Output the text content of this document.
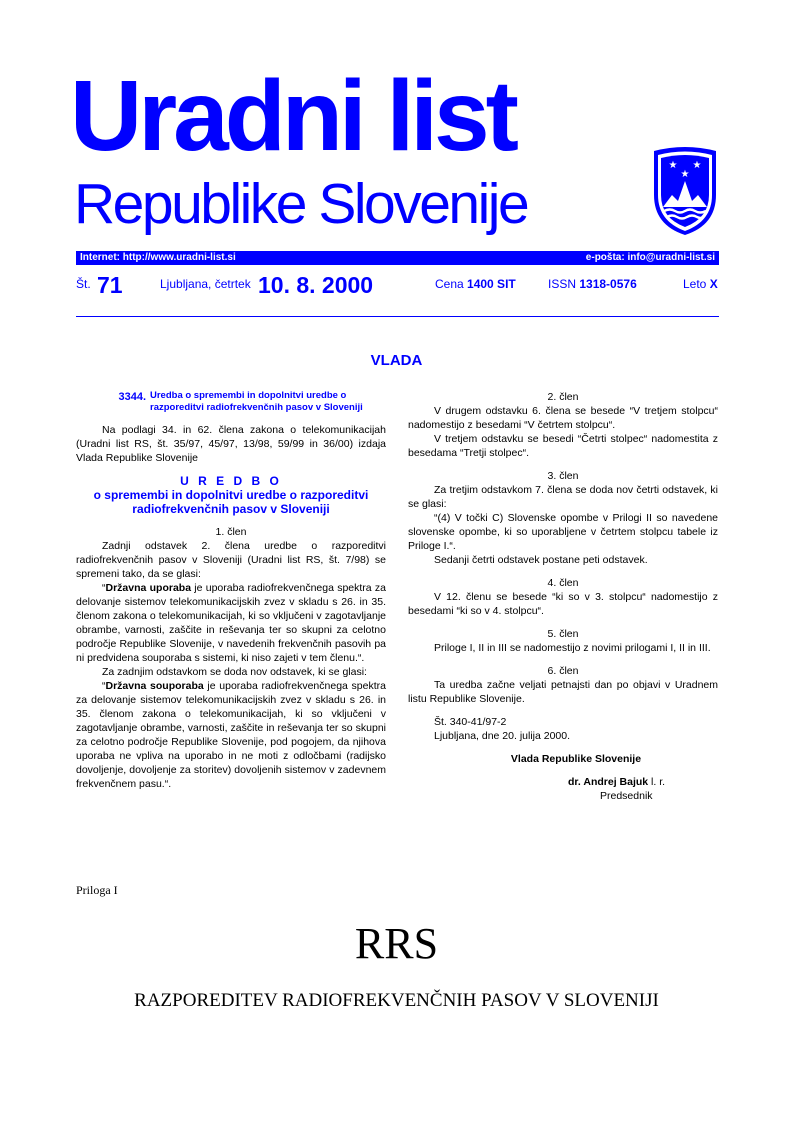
Uradni list
Republike Slovenije
★ ★
★
Internet: http://www.uradni-list.si	e-pošta: info@uradni-list.si
Št. 71	Ljubljana, četrtek 10. 8. 2000	Cena 1400 SIT	ISSN 1318-0576	Leto X
VLADA
3344. Uredba o spremembi in dopolnitvi uredbe o razporeditvi radiofrekvenčnih pasov v Sloveniji

Na podlagi 34. in 62. člena zakona o telekomunikacijah (Uradni list RS, št. 35/97, 45/97, 13/98, 59/99 in 36/00) izdaja Vlada Republike Slovenije

U R E D B O
o spremembi in dopolnitvi uredbe o razporeditvi radiofrekvenčnih pasov v Sloveniji

1. člen

Zadnji odstavek 2. člena uredbe o razporeditvi radiofrekvenčnih pasov v Sloveniji (Uradni list RS, št. 7/98) se spremeni tako, da se glasi:

“Državna uporaba je uporaba radiofrekvenčnega spektra za delovanje sistemov telekomunikacijskih zvez v skladu s 26. in 35. členom zakona o telekomunikacijah, ki so vključeni v zagotavljanje obrambe, varnosti, zaščite in reševanja ter so skupni za celotno področje Republike Slovenije, v navedenih frekvenčnih pasovih pa ni predvidena souporaba s sistemi, ki niso zajeti v tem členu.“.

Za zadnjim odstavkom se doda nov odstavek, ki se glasi:

“Državna souporaba je uporaba radiofrekvenčnega spektra za delovanje sistemov telekomunikacijskih zvez v skladu s 26. in 35. členom zakona o telekomunikacijah, ki so vključeni v zagotavljanje obrambe, varnosti, zaščite in reševanja ter so skupni za celotno področje Republike Slovenije, pod pogojem, da njihova uporaba ne vpliva na uporabo in ne moti z odločbami (radijsko dovoljenje, dovoljenje za storitev) dovoljenih sistemov v zadevnem frekvenčnem pasu.“.

2. člen

V drugem odstavku 6. člena se besede “V tretjem stolpcu“ nadomestijo z besedami “V četrtem stolpcu“.

V tretjem odstavku se besedi “Četrti stolpec“ nadomestita z besedama “Tretji stolpec“.

3. člen

Za tretjim odstavkom 7. člena se doda nov četrti odstavek, ki se glasi:

“(4) V točki C) Slovenske opombe v Prilogi II so navedene slovenske opombe, ki so uporabljene v četrtem stolpcu tabele iz Priloge I.“.

Sedanji četrti odstavek postane peti odstavek.

4. člen

V 12. členu se besede “ki so v 3. stolpcu“ nadomestijo z besedami “ki so v 4. stolpcu“.

5. člen

Priloge I, II in III se nadomestijo z novimi prilogami I, II in III.

6. člen

Ta uredba začne veljati petnajsti dan po objavi v Uradnem listu Republike Slovenije.

Št. 340-41/97-2

Ljubljana, dne 20. julija 2000.

Vlada Republike Slovenije

dr. Andrej Bajuk l. r.

Predsednik

Priloga I
RRS
RAZPOREDITEV RADIOFREKVENČNIH PASOV V SLOVENIJI
